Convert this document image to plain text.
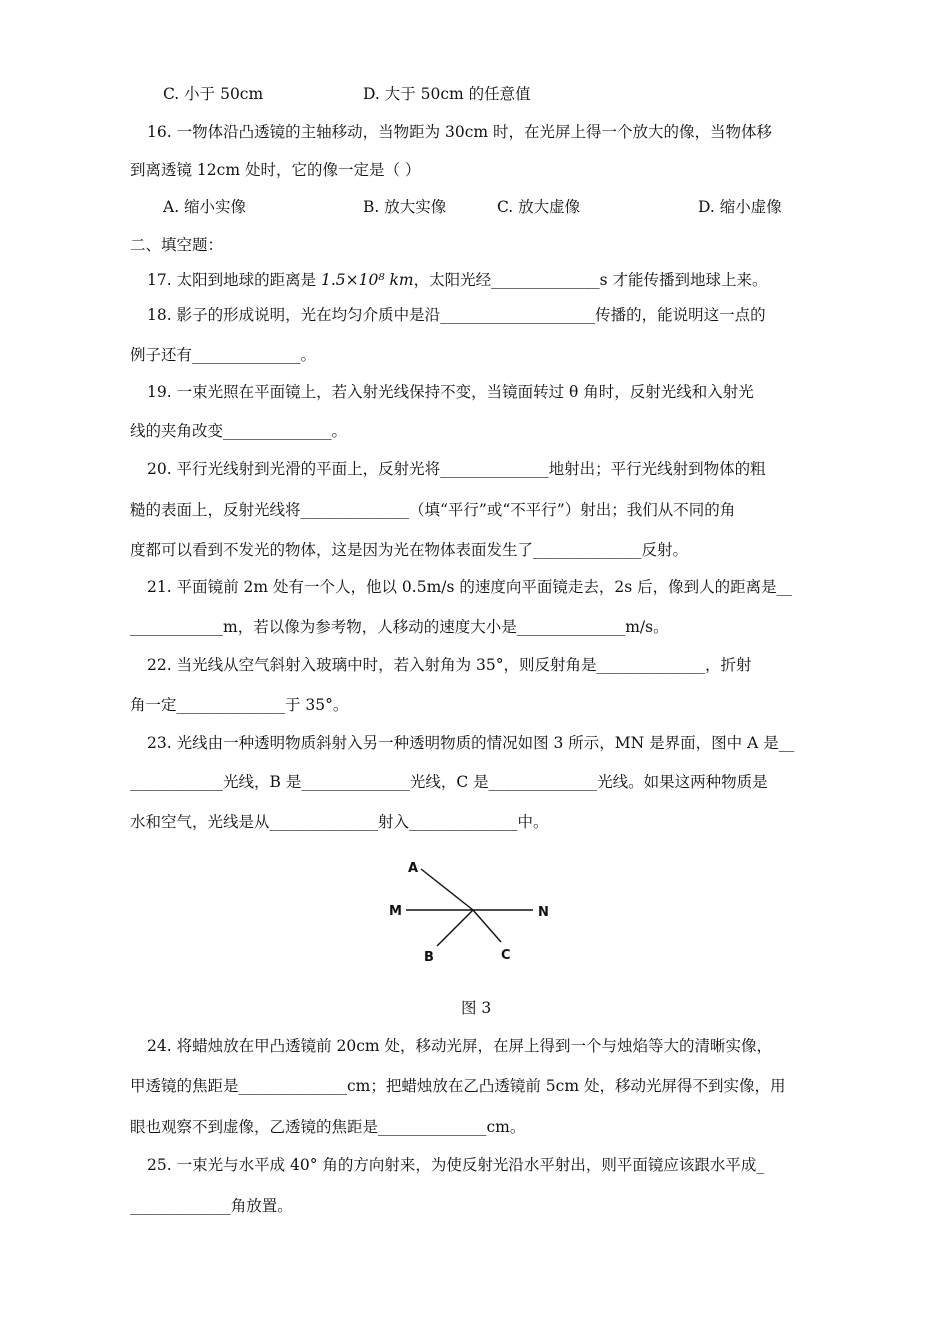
C. 小于 50cm	D. 大于 50cm 的任意值
16. 一物体沿凸透镜的主轴移动，当物距为 30cm 时，在光屏上得一个放大的像，当物体移
到离透镜 12cm 处时，它的像一定是（ ）
A. 缩小实像	B. 放大实像	C. 放大虚像	D. 缩小虚像
二、填空题：
17. 太阳到地球的距离是 1.5×10⁸ km，太阳光经______________s 才能传播到地球上来。
18. 影子的形成说明，光在均匀介质中是沿____________________传播的，能说明这一点的
例子还有______________。
19. 一束光照在平面镜上，若入射光线保持不变，当镜面转过 θ 角时，反射光线和入射光
线的夹角改变______________。
20. 平行光线射到光滑的平面上，反射光将______________地射出；平行光线射到物体的粗
糙的表面上，反射光线将______________（填“平行”或“不平行”）射出；我们从不同的角
度都可以看到不发光的物体，这是因为光在物体表面发生了______________反射。
21. 平面镜前 2m 处有一个人，他以 0.5m/s 的速度向平面镜走去，2s 后，像到人的距离是__
____________m，若以像为参考物，人移动的速度大小是______________m/s。
22. 当光线从空气斜射入玻璃中时，若入射角为 35°，则反射角是______________，折射
角一定______________于 35°。
23. 光线由一种透明物质斜射入另一种透明物质的情况如图 3 所示，MN 是界面，图中 A 是__
____________光线，B 是______________光线，C 是______________光线。如果这两种物质是
水和空气，光线是从______________射入______________中。
A
M	N
B	C
图 3
24. 将蜡烛放在甲凸透镜前 20cm 处，移动光屏，在屏上得到一个与烛焰等大的清晰实像，
甲透镜的焦距是______________cm；把蜡烛放在乙凸透镜前 5cm 处，移动光屏得不到实像，用
眼也观察不到虚像，乙透镜的焦距是______________cm。
25. 一束光与水平成 40° 角的方向射来，为使反射光沿水平射出，则平面镜应该跟水平成_
_____________角放置。
